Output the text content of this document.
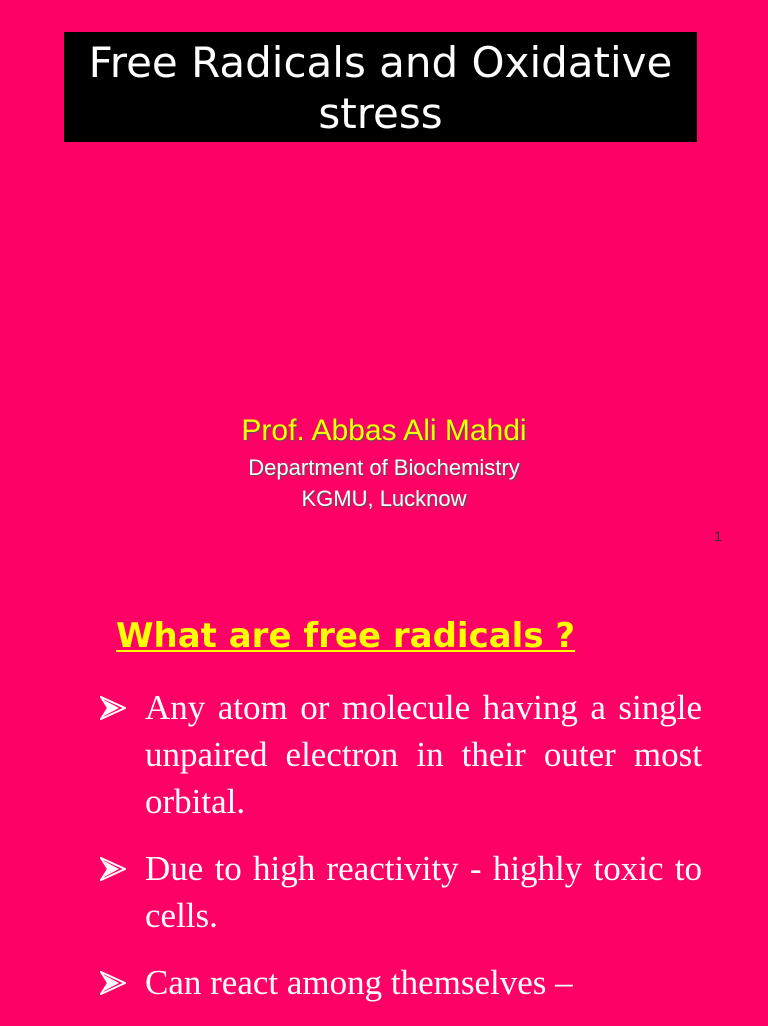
Free Radicals and Oxidative
stress
Prof. Abbas Ali Mahdi
Department of Biochemistry
KGMU, Lucknow
1
What are free radicals ?
Any atom or molecule having a single unpaired electron in their outer most orbital.
Due to high reactivity - highly toxic to cells.
Can react among themselves –
